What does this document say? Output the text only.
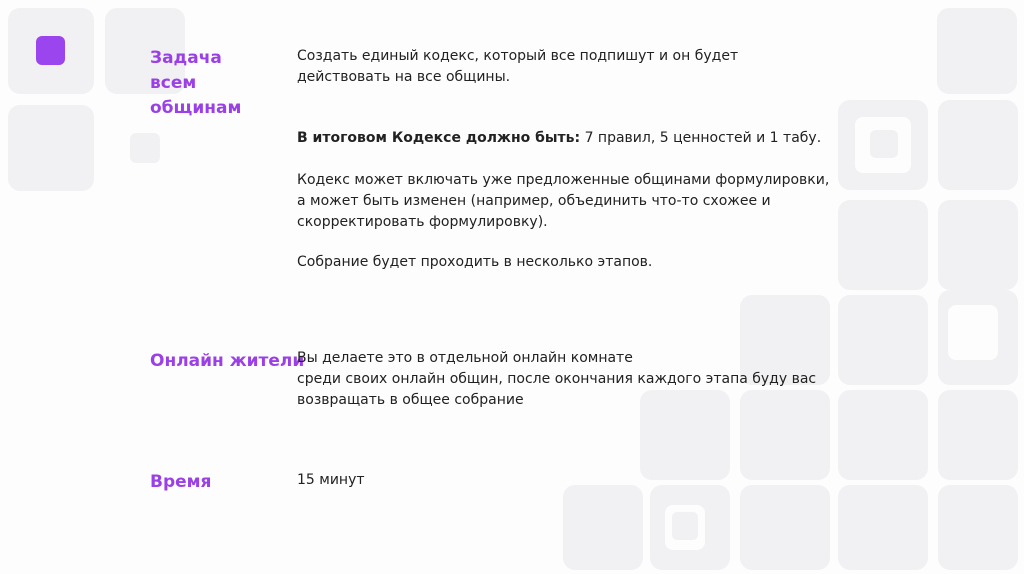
Задача
всем
общинам
Создать единый кодекс, который все подпишут и он будет
действовать на все общины.
В итоговом Кодексе должно быть: 7 правил, 5 ценностей и 1 табу.
Кодекс может включать уже предложенные общинами формулировки,
а может быть изменен (например, объединить что-то схожее и
скорректировать формулировку).
Собрание будет проходить в несколько этапов.
Онлайн жители
Вы делаете это в отдельной онлайн комнате
среди своих онлайн общин, после окончания каждого этапа буду вас
возвращать в общее собрание
Время	15 минут
